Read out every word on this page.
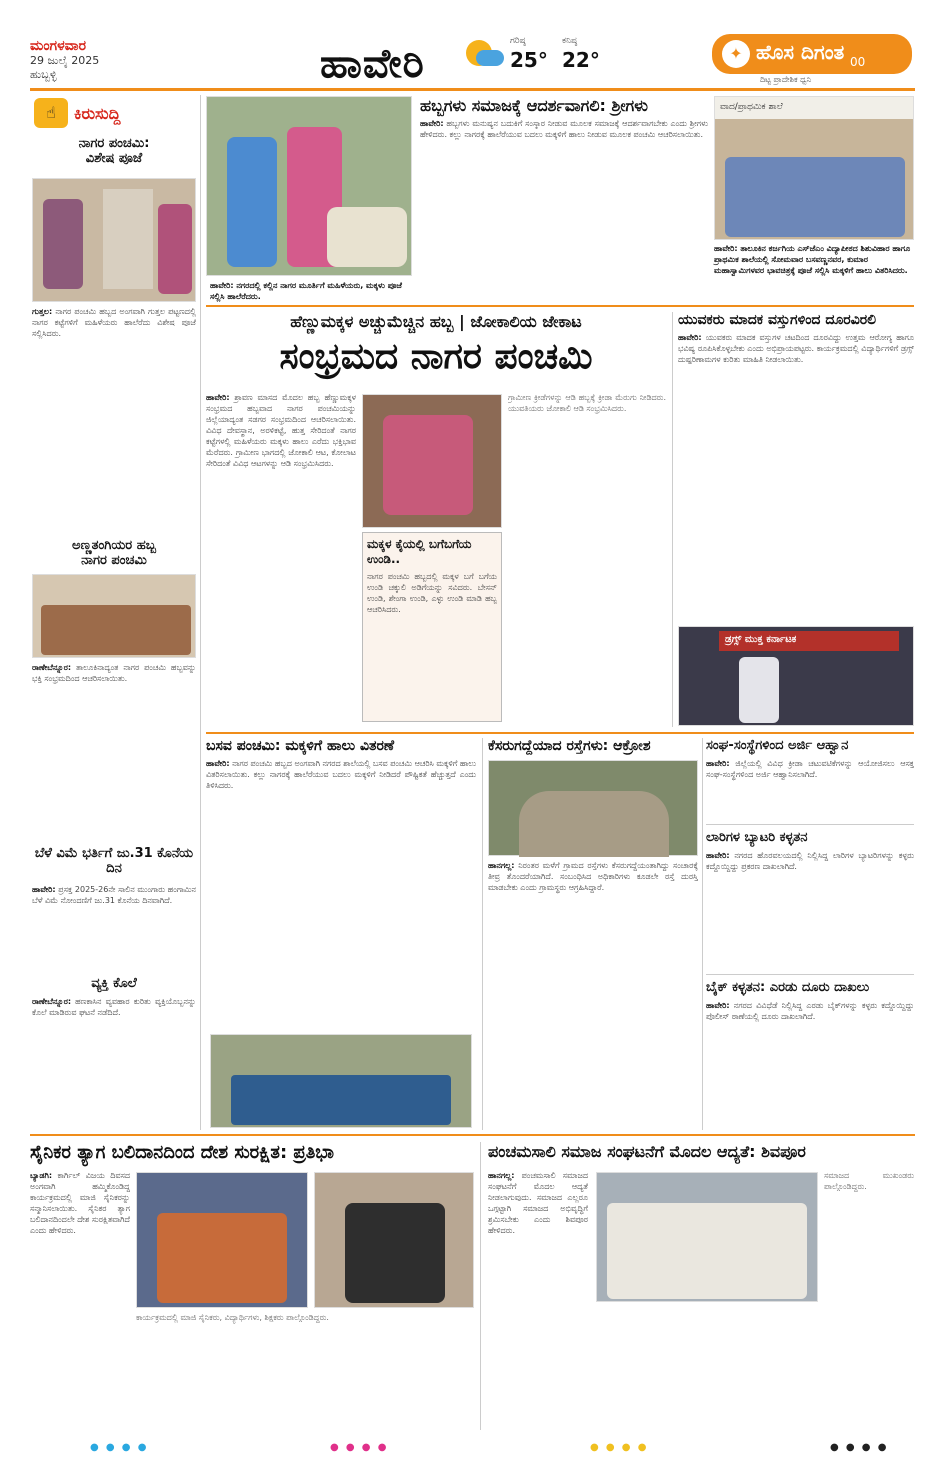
ಮಂಗಳವಾರ
29 ಜುಲೈ 2025
ಹುಬ್ಬಳ್ಳಿ	ಹಾವೇರಿ	ಗರಿಷ್ಠ
25°
ಕನಿಷ್ಠ
22°	✦ ಹೊಸ ದಿಗಂತ 00
ದಿಟ್ಟ ಪ್ರಾದೇಶಿಕ ಧ್ವನಿ
☝	ಕಿರುಸುದ್ದಿ
ನಾಗರ ಪಂಚಮಿ:
ವಿಶೇಷ ಪೂಜೆ
ಗುತ್ತಲ: ನಾಗರ ಪಂಚಮಿ ಹಬ್ಬದ ಅಂಗವಾಗಿ ಗುತ್ತಲ ಪಟ್ಟಣದಲ್ಲಿ ನಾಗರ ಕಟ್ಟೆಗಳಿಗೆ ಮಹಿಳೆಯರು ಹಾಲೆರೆದು ವಿಶೇಷ ಪೂಜೆ ಸಲ್ಲಿಸಿದರು.
ಅಣ್ಣತಂಗಿಯರ ಹಬ್ಬ
ನಾಗರ ಪಂಚಮಿ
ರಾಣೇಬೆನ್ನೂರ: ತಾಲೂಕಿನಾದ್ಯಂತ ನಾಗರ ಪಂಚಮಿ ಹಬ್ಬವನ್ನು ಭಕ್ತಿ ಸಂಭ್ರಮದಿಂದ ಆಚರಿಸಲಾಯಿತು.
ಬೆಳೆ ವಿಮೆ ಭರ್ತಿಗೆ ಜು.31 ಕೊನೆಯ ದಿನ
ಹಾವೇರಿ: ಪ್ರಸಕ್ತ 2025-26ನೇ ಸಾಲಿನ ಮುಂಗಾರು ಹಂಗಾಮಿನ ಬೆಳೆ ವಿಮೆ ನೋಂದಣಿಗೆ ಜು.31 ಕೊನೆಯ ದಿನವಾಗಿದೆ.
ವ್ಯಕ್ತಿ ಕೊಲೆ
ರಾಣೇಬೆನ್ನೂರ: ಹಣಕಾಸಿನ ವ್ಯವಹಾರ ಕುರಿತು ವ್ಯಕ್ತಿಯೊಬ್ಬನನ್ನು ಕೊಲೆ ಮಾಡಿರುವ ಘಟನೆ ನಡೆದಿದೆ.
ಹಾವೇರಿ: ನಗರದಲ್ಲಿ ಕಲ್ಲಿನ ನಾಗರ ಮೂರ್ತಿಗೆ ಮಹಿಳೆಯರು, ಮಕ್ಕಳು ಪೂಜೆ ಸಲ್ಲಿಸಿ ಹಾಲೆರೆದರು.
ಹಬ್ಬಗಳು ಸಮಾಜಕ್ಕೆ ಆದರ್ಶವಾಗಲಿ: ಶ್ರೀಗಳು
ಹಾವೇರಿ: ಹಬ್ಬಗಳು ಮನುಷ್ಯನ ಬದುಕಿಗೆ ಸಂಸ್ಕಾರ ನೀಡುವ ಮೂಲಕ ಸಮಾಜಕ್ಕೆ ಆದರ್ಶವಾಗಬೇಕು ಎಂದು ಶ್ರೀಗಳು ಹೇಳಿದರು. ಕಲ್ಲು ನಾಗರಕ್ಕೆ ಹಾಲೆರೆಯುವ ಬದಲು ಮಕ್ಕಳಿಗೆ ಹಾಲು ನೀಡುವ ಮೂಲಕ ಪಂಚಮಿ ಆಚರಿಸಲಾಯಿತು.
ವಾದ/ಪ್ರಾಥಮಿಕ ಶಾಲೆ
ಹಾವೇರಿ: ತಾಲೂಕಿನ ಕರ್ಜಗಿಯ ಎಸ್‌ಜೆಎಂ ವಿದ್ಯಾಪೀಠದ ಶಿಶುವಿಹಾರ ಹಾಗೂ ಪ್ರಾಥಮಿಕ ಶಾಲೆಯಲ್ಲಿ ಸೋಮವಾರ ಬಸವಣ್ಣನವರ, ಕುಮಾರ ಮಹಾಸ್ವಾಮಿಗಳವರ ಭಾವಚಿತ್ರಕ್ಕೆ ಪೂಜೆ ಸಲ್ಲಿಸಿ ಮಕ್ಕಳಿಗೆ ಹಾಲು ವಿತರಿಸಿದರು.
ಹೆಣ್ಣುಮಕ್ಕಳ ಅಚ್ಚುಮೆಚ್ಚಿನ ಹಬ್ಬ | ಜೋಕಾಲಿಯ ಜೇಕಾಟ
ಸಂಭ್ರಮದ ನಾಗರ ಪಂಚಮಿ
ಹಾವೇರಿ: ಶ್ರಾವಣ ಮಾಸದ ಮೊದಲ ಹಬ್ಬ ಹೆಣ್ಣುಮಕ್ಕಳ ಸಂಭ್ರಮದ ಹಬ್ಬವಾದ ನಾಗರ ಪಂಚಮಿಯನ್ನು ಜಿಲ್ಲೆಯಾದ್ಯಂತ ಸಡಗರ ಸಂಭ್ರಮದಿಂದ ಆಚರಿಸಲಾಯಿತು. ವಿವಿಧ ದೇವಸ್ಥಾನ, ಅರಳಿಕಟ್ಟೆ, ಹುತ್ತ ಸೇರಿದಂತೆ ನಾಗರ ಕಟ್ಟೆಗಳಲ್ಲಿ ಮಹಿಳೆಯರು ಮಕ್ಕಳು ಹಾಲು ಎರೆದು ಭಕ್ತಿಭಾವ ಮೆರೆದರು. ಗ್ರಾಮೀಣ ಭಾಗದಲ್ಲಿ ಜೋಕಾಲಿ ಆಟ, ಕೋಲಾಟ ಸೇರಿದಂತೆ ವಿವಿಧ ಆಟಗಳನ್ನು ಆಡಿ ಸಂಭ್ರಮಿಸಿದರು.
ಮಕ್ಕಳ ಕೈಯಲ್ಲಿ ಬಗೆಬಗೆಯ ಉಂಡಿ..
ನಾಗರ ಪಂಚಮಿ ಹಬ್ಬದಲ್ಲಿ ಮಕ್ಕಳ ಬಗೆ ಬಗೆಯ ಉಂಡಿ ಚಕ್ಕುಲಿ ಅಡಿಗೆಯನ್ನು ಸವಿದರು. ಬೇಸನ್ ಉಂಡಿ, ಶೇಂಗಾ ಉಂಡಿ, ಎಳ್ಳು ಉಂಡಿ ಮಾಡಿ ಹಬ್ಬ ಆಚರಿಸಿದರು.
ಗ್ರಾಮೀಣ ಕ್ರೀಡೆಗಳನ್ನು ಆಡಿ ಹಬ್ಬಕ್ಕೆ ಕ್ರೀಡಾ ಮೆರುಗು ನೀಡಿದರು. ಯುವತಿಯರು ಜೋಕಾಲಿ ಆಡಿ ಸಂಭ್ರಮಿಸಿದರು.
ಯುವಕರು ಮಾದಕ ವಸ್ತುಗಳಿಂದ ದೂರವಿರಲಿ
ಹಾವೇರಿ: ಯುವಕರು ಮಾದಕ ವಸ್ತುಗಳ ಚಟದಿಂದ ದೂರವಿದ್ದು ಉತ್ತಮ ಆರೋಗ್ಯ ಹಾಗೂ ಭವಿಷ್ಯ ರೂಪಿಸಿಕೊಳ್ಳಬೇಕು ಎಂದು ಅಭಿಪ್ರಾಯಪಟ್ಟರು. ಕಾರ್ಯಕ್ರಮದಲ್ಲಿ ವಿದ್ಯಾರ್ಥಿಗಳಿಗೆ ಡ್ರಗ್ಸ್ ದುಷ್ಪರಿಣಾಮಗಳ ಕುರಿತು ಮಾಹಿತಿ ನೀಡಲಾಯಿತು.
ಡ್ರಗ್ಸ್ ಮುಕ್ತ ಕರ್ನಾಟಕ
ಬಸವ ಪಂಚಮಿ: ಮಕ್ಕಳಿಗೆ ಹಾಲು ವಿತರಣೆ
ಹಾವೇರಿ: ನಾಗರ ಪಂಚಮಿ ಹಬ್ಬದ ಅಂಗವಾಗಿ ನಗರದ ಶಾಲೆಯಲ್ಲಿ ಬಸವ ಪಂಚಮಿ ಆಚರಿಸಿ ಮಕ್ಕಳಿಗೆ ಹಾಲು ವಿತರಿಸಲಾಯಿತು. ಕಲ್ಲು ನಾಗರಕ್ಕೆ ಹಾಲೆರೆಯುವ ಬದಲು ಮಕ್ಕಳಿಗೆ ನೀಡಿದರೆ ಪೌಷ್ಟಿಕತೆ ಹೆಚ್ಚುತ್ತದೆ ಎಂದು ತಿಳಿಸಿದರು.
ಕೆಸರುಗದ್ದೆಯಾದ ರಸ್ತೆಗಳು: ಆಕ್ರೋಶ
ಹಾನಗಲ್ಲ: ನಿರಂತರ ಮಳೆಗೆ ಗ್ರಾಮದ ರಸ್ತೆಗಳು ಕೆಸರುಗದ್ದೆಯಂತಾಗಿದ್ದು ಸಂಚಾರಕ್ಕೆ ತೀವ್ರ ತೊಂದರೆಯಾಗಿದೆ. ಸಂಬಂಧಿಸಿದ ಅಧಿಕಾರಿಗಳು ಕೂಡಲೇ ರಸ್ತೆ ದುರಸ್ತಿ ಮಾಡಬೇಕು ಎಂದು ಗ್ರಾಮಸ್ಥರು ಆಗ್ರಹಿಸಿದ್ದಾರೆ.
ಸಂಘ-ಸಂಸ್ಥೆಗಳಿಂದ ಅರ್ಜಿ ಆಹ್ವಾನ
ಹಾವೇರಿ: ಜಿಲ್ಲೆಯಲ್ಲಿ ವಿವಿಧ ಕ್ರೀಡಾ ಚಟುವಟಿಕೆಗಳನ್ನು ಆಯೋಜಿಸಲು ಆಸಕ್ತ ಸಂಘ-ಸಂಸ್ಥೆಗಳಿಂದ ಅರ್ಜಿ ಆಹ್ವಾನಿಸಲಾಗಿದೆ.
ಲಾರಿಗಳ ಬ್ಯಾಟರಿ ಕಳ್ಳತನ
ಹಾವೇರಿ: ನಗರದ ಹೊರವಲಯದಲ್ಲಿ ನಿಲ್ಲಿಸಿದ್ದ ಲಾರಿಗಳ ಬ್ಯಾಟರಿಗಳನ್ನು ಕಳ್ಳರು ಕದ್ದೊಯ್ದಿದ್ದು ಪ್ರಕರಣ ದಾಖಲಾಗಿದೆ.
ಬೈಕ್ ಕಳ್ಳತನ: ಎರಡು ದೂರು ದಾಖಲು
ಹಾವೇರಿ: ನಗರದ ವಿವಿಧೆಡೆ ನಿಲ್ಲಿಸಿದ್ದ ಎರಡು ಬೈಕ್‌ಗಳನ್ನು ಕಳ್ಳರು ಕದ್ದೊಯ್ದಿದ್ದು ಪೊಲೀಸ್ ಠಾಣೆಯಲ್ಲಿ ದೂರು ದಾಖಲಾಗಿದೆ.
ಸೈನಿಕರ ತ್ಯಾಗ ಬಲಿದಾನದಿಂದ ದೇಶ ಸುರಕ್ಷಿತ: ಪ್ರತಿಭಾ
ಬ್ಯಾಡಗಿ: ಕಾರ್ಗಿಲ್ ವಿಜಯ ದಿವಸದ ಅಂಗವಾಗಿ ಹಮ್ಮಿಕೊಂಡಿದ್ದ ಕಾರ್ಯಕ್ರಮದಲ್ಲಿ ಮಾಜಿ ಸೈನಿಕರನ್ನು ಸನ್ಮಾನಿಸಲಾಯಿತು. ಸೈನಿಕರ ತ್ಯಾಗ ಬಲಿದಾನದಿಂದಲೇ ದೇಶ ಸುರಕ್ಷಿತವಾಗಿದೆ ಎಂದು ಹೇಳಿದರು.
ಕಾರ್ಯಕ್ರಮದಲ್ಲಿ ಮಾಜಿ ಸೈನಿಕರು, ವಿದ್ಯಾರ್ಥಿಗಳು, ಶಿಕ್ಷಕರು ಪಾಲ್ಗೊಂಡಿದ್ದರು.
ಪಂಚಮಸಾಲಿ ಸಮಾಜ ಸಂಘಟನೆಗೆ ಮೊದಲ ಆದ್ಯತೆ: ಶಿವಪೂರ
ಹಾನಗಲ್ಲ: ಪಂಚಮಸಾಲಿ ಸಮಾಜದ ಸಂಘಟನೆಗೆ ಮೊದಲ ಆದ್ಯತೆ ನೀಡಲಾಗುವುದು. ಸಮಾಜದ ಎಲ್ಲರೂ ಒಗ್ಗಟ್ಟಾಗಿ ಸಮಾಜದ ಅಭಿವೃದ್ಧಿಗೆ ಶ್ರಮಿಸಬೇಕು ಎಂದು ಶಿವಪೂರ ಹೇಳಿದರು.
ಸಮಾಜದ ಮುಖಂಡರು ಪಾಲ್ಗೊಂಡಿದ್ದರು.
● ● ● ●	● ● ● ●	● ● ● ●	● ● ● ●
